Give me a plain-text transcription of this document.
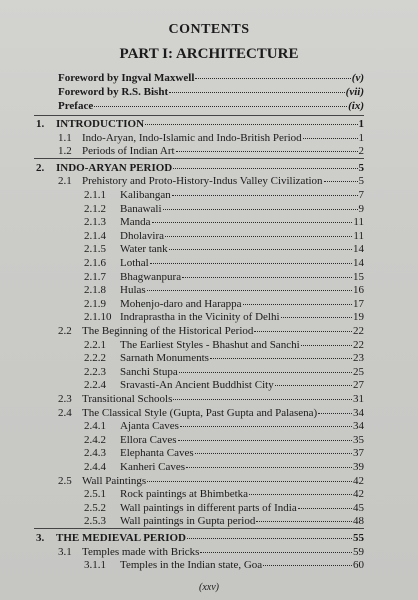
CONTENTS
PART I: ARCHITECTURE
Foreword by Ingval Maxwell	(v)
Foreword by R.S. Bisht	(vii)
Preface	(ix)
1.	INTRODUCTION	1
1.1 Indo-Aryan, Indo-Islamic and Indo-British Period	1
1.2 Periods of Indian Art	2
2.	INDO-ARYAN PERIOD	5
2.1 Prehistory and Proto-History-Indus Valley Civilization	5
2.1.1	Kalibangan	7
2.1.2	Banawali	9
2.1.3	Manda	11
2.1.4	Dholavira	11
2.1.5	Water tank	14
2.1.6	Lothal	14
2.1.7	Bhagwanpura	15
2.1.8	Hulas	16
2.1.9	Mohenjo-daro and Harappa	17
2.1.10 Indraprastha in the Vicinity of Delhi	19
2.2 The Beginning of the Historical Period	22
2.2.1	The Earliest Styles - Bhashut and Sanchi	22
2.2.2	Sarnath Monuments	23
2.2.3	Sanchi Stupa	25
2.2.4	Sravasti-An Ancient Buddhist City	27
2.3 Transitional Schools	31
2.4 The Classical Style (Gupta, Past Gupta and Palasena)	34
2.4.1	Ajanta Caves	34
2.4.2	Ellora Caves	35
2.4.3	Elephanta Caves	37
2.4.4	Kanheri Caves	39
2.5 Wall Paintings	42
2.5.1	Rock paintings at Bhimbetka	42
2.5.2	Wall paintings in different parts of India	45
2.5.3	Wall paintings in Gupta period	48
3.	THE MEDIEVAL PERIOD	55
3.1 Temples made with Bricks	59
3.1.1	Temples in the Indian state, Goa	60
(xxv)
